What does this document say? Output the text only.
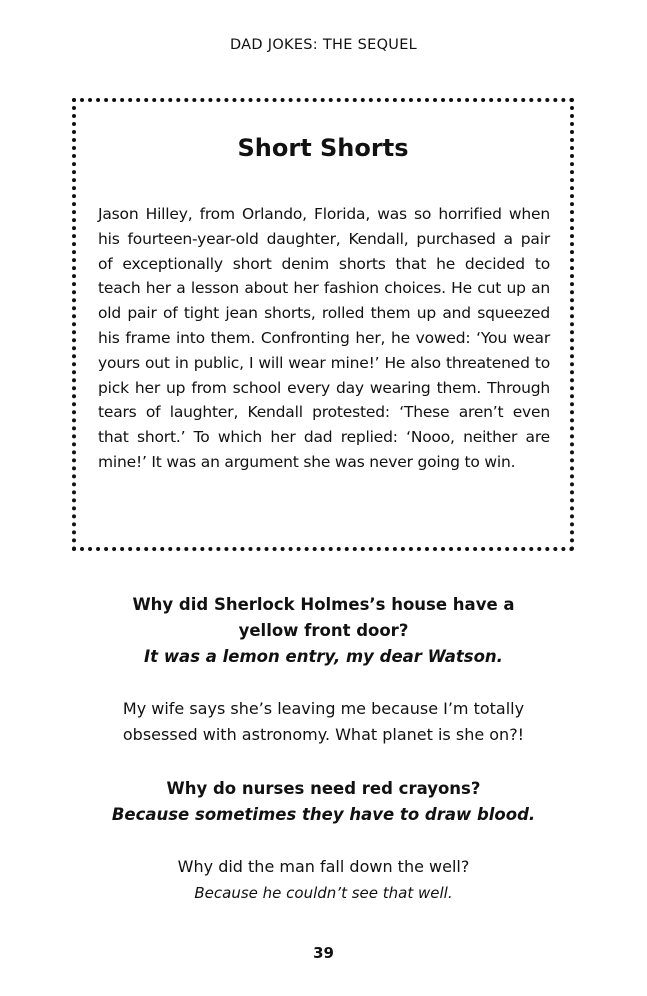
DAD JOKES: THE SEQUEL
Short Shorts

Jason Hilley, from Orlando, Florida, was so horrified when his fourteen-year-old daughter, Kendall, purchased a pair of exceptionally short denim shorts that he decided to teach her a lesson about her fashion choices. He cut up an old pair of tight jean shorts, rolled them up and squeezed his frame into them. Confronting her, he vowed: ‘You wear yours out in public, I will wear mine!’ He also threatened to pick her up from school every day wearing them. Through tears of laughter, Kendall protested: ‘These aren’t even that short.’ To which her dad replied: ‘Nooo, neither are mine!’ It was an argument she was never going to win.

Why did Sherlock Holmes’s house have a
yellow front door?
It was a lemon entry, my dear Watson.
My wife says she’s leaving me because I’m totally
obsessed with astronomy. What planet is she on?!
Why do nurses need red crayons?
Because sometimes they have to draw blood.
Why did the man fall down the well?
Because he couldn’t see that well.
39
